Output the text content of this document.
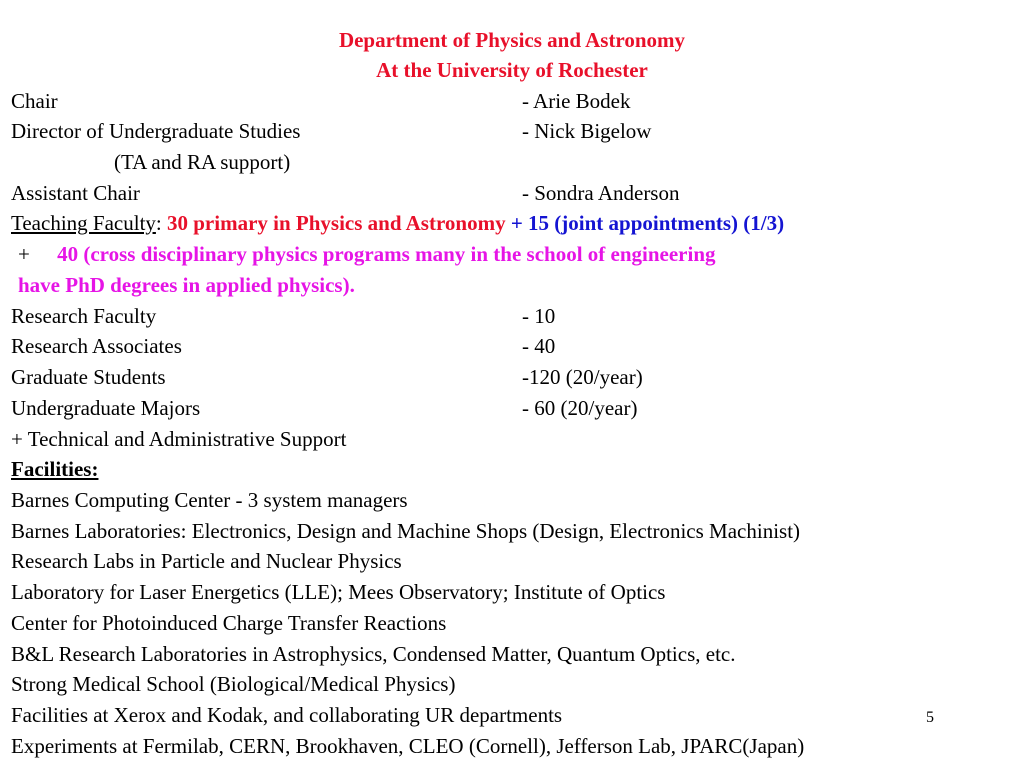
Department of Physics and Astronomy
At the University of Rochester
Chair	- Arie Bodek
Director of Undergraduate Studies	- Nick Bigelow
(TA and RA support)
Assistant Chair	- Sondra Anderson
Teaching Faculty: 30 primary in Physics and Astronomy + 15 (joint appointments) (1/3)
+ 40 (cross disciplinary physics programs many in the school of engineering
have PhD degrees in applied physics).
Research Faculty	- 10
Research Associates	- 40
Graduate Students	-120 (20/year)
Undergraduate Majors	- 60 (20/year)
+ Technical and Administrative Support
Facilities:
Barnes Computing Center - 3 system managers
Barnes Laboratories: Electronics, Design and Machine Shops (Design, Electronics Machinist)
Research Labs in Particle and Nuclear Physics
Laboratory for Laser Energetics (LLE); Mees Observatory; Institute of Optics
Center for Photoinduced Charge Transfer Reactions
B&L Research Laboratories in Astrophysics, Condensed Matter, Quantum Optics, etc.
Strong Medical School (Biological/Medical Physics)
Facilities at Xerox and Kodak, and collaborating UR departments
Experiments at Fermilab, CERN, Brookhaven, CLEO (Cornell), Jefferson Lab, JPARC(Japan)
5
